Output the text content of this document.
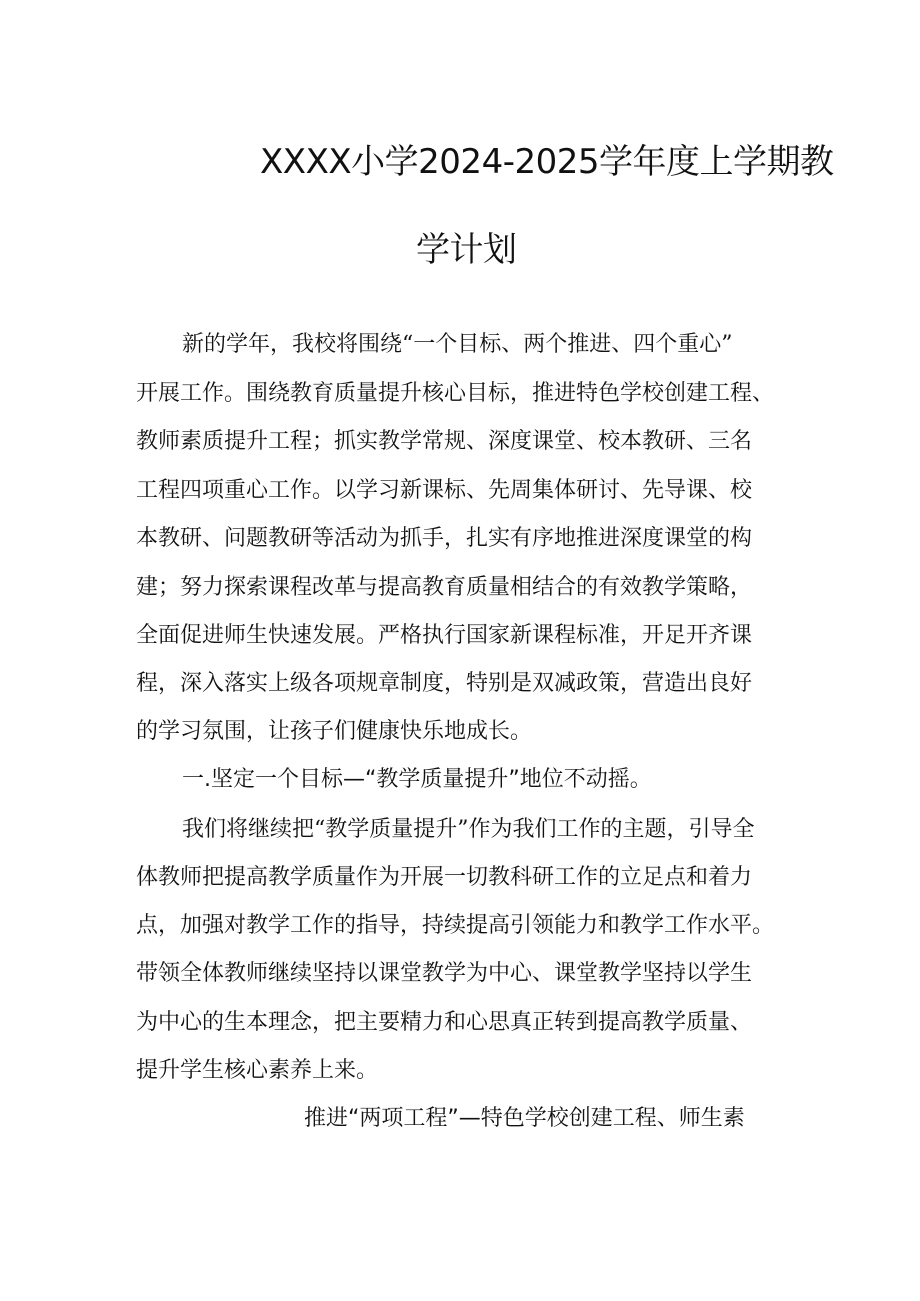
XXXX小学2024-2025学年度上学期教
学计划
新的学年，我校将围绕“一个目标、两个推进、四个重心”
开展工作。围绕教育质量提升核心目标，推进特色学校创建工程、
教师素质提升工程；抓实教学常规、深度课堂、校本教研、三名
工程四项重心工作。以学习新课标、先周集体研讨、先导课、校
本教研、问题教研等活动为抓手，扎实有序地推进深度课堂的构
建；努力探索课程改革与提高教育质量相结合的有效教学策略，
全面促进师生快速发展。严格执行国家新课程标准，开足开齐课
程，深入落实上级各项规章制度，特别是双减政策，营造出良好
的学习氛围，让孩子们健康快乐地成长。
一.坚定一个目标—“教学质量提升”地位不动摇。
我们将继续把“教学质量提升”作为我们工作的主题，引导全
体教师把提高教学质量作为开展一切教科研工作的立足点和着力
点，加强对教学工作的指导，持续提高引领能力和教学工作水平。
带领全体教师继续坚持以课堂教学为中心、课堂教学坚持以学生
为中心的生本理念，把主要精力和心思真正转到提高教学质量、
提升学生核心素养上来。
推进“两项工程”—特色学校创建工程、师生素
